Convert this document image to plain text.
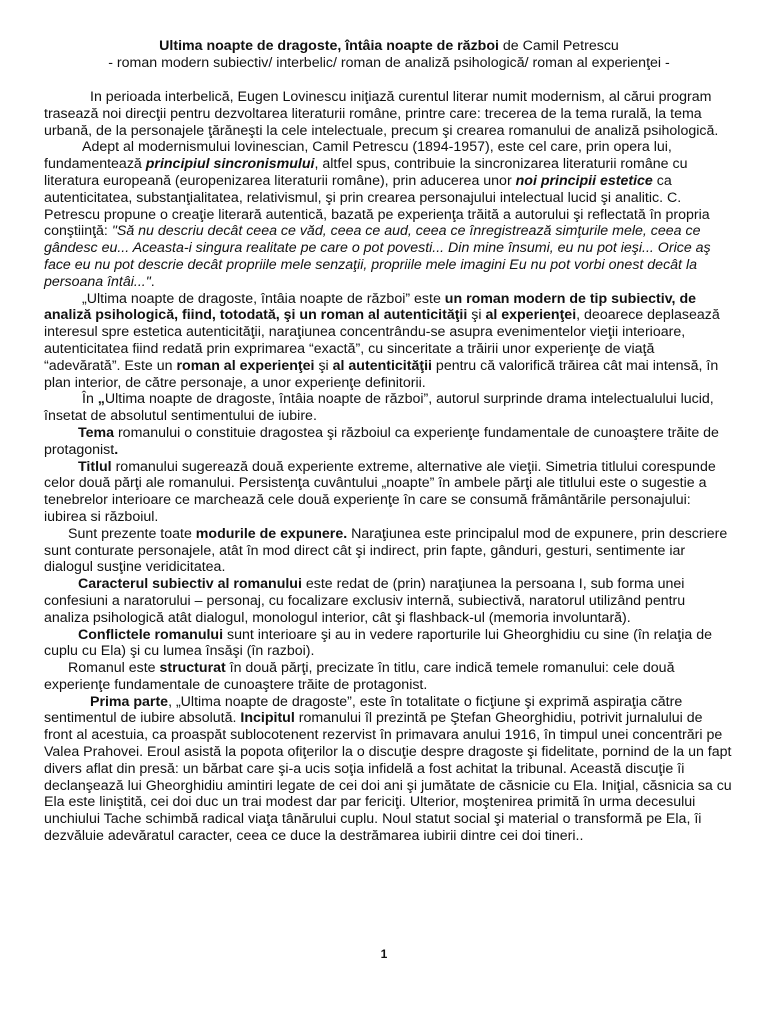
Ultima noapte de dragoste, întâia noapte de război de Camil Petrescu

- roman modern subiectiv/ interbelic/ roman de analiză psihologică/ roman al experienţei -

In perioada interbelică, Eugen Lovinescu iniţiază curentul literar numit modernism, al cărui program trasează noi direcţii pentru dezvoltarea literaturii române, printre care: trecerea de la tema rurală, la tema urbană, de la personajele ţărăneşti la cele intelectuale, precum şi crearea romanului de analiză psihologică.

Adept al modernismului lovinescian, Camil Petrescu (1894-1957), este cel care, prin opera lui, fundamentează principiul sincronismului, altfel spus, contribuie la sincronizarea literaturii române cu literatura europeană (europenizarea literaturii române), prin aducerea unor noi principii estetice ca autenticitatea, substanţialitatea, relativismul, şi prin crearea personajului intelectual lucid şi analitic. C. Petrescu propune o creaţie literară autentică, bazată pe experienţa trăită a autorului şi reflectată în propria conştiinţă: "Să nu descriu decât ceea ce văd, ceea ce aud, ceea ce înregistrează simţurile mele, ceea ce gândesc eu... Aceasta-i singura realitate pe care o pot povesti... Din mine însumi, eu nu pot ieşi... Orice aş face eu nu pot descrie decât propriile mele senzaţii, propriile mele imagini Eu nu pot vorbi onest decât la persoana întâi...".

„Ultima noapte de dragoste, întâia noapte de război” este un roman modern de tip subiectiv, de analiză psihologică, fiind, totodată, şi un roman al autenticităţii şi al experienţei, deoarece deplasează interesul spre estetica autenticităţii, naraţiunea concentrându-se asupra evenimentelor vieţii interioare, autenticitatea fiind redată prin exprimarea “exactă”, cu sinceritate a trăirii unor experienţe de viaţă “adevărată”. Este un roman al experienţei şi al autenticităţii pentru că valorifică trăirea cât mai intensă, în plan interior, de către personaje, a unor experienţe definitorii.

În „Ultima noapte de dragoste, întâia noapte de război”, autorul surprinde drama intelectualului lucid, însetat de absolutul sentimentului de iubire.

Tema romanului o constituie dragostea şi războiul ca experienţe fundamentale de cunoaştere trăite de protagonist.

Titlul romanului sugerează două experiente extreme, alternative ale vieţii. Simetria titlului corespunde celor două părţi ale romanului. Persistenţa cuvântului „noapte” în ambele părţi ale titlului este o sugestie a tenebrelor interioare ce marchează cele două experienţe în care se consumă frământările personajului: iubirea si războiul.

Sunt prezente toate modurile de expunere. Naraţiunea este principalul mod de expunere, prin descriere sunt conturate personajele, atât în mod direct cât şi indirect, prin fapte, gânduri, gesturi, sentimente iar dialogul susţine veridicitatea.

Caracterul subiectiv al romanului este redat de (prin) naraţiunea la persoana I, sub forma unei confesiuni a naratorului – personaj, cu focalizare exclusiv internă, subiectivă, naratorul utilizând pentru analiza psihologică atât dialogul, monologul interior, cât şi flashback-ul (memoria involuntară).

Conflictele romanului sunt interioare şi au in vedere raporturile lui Gheorghidiu cu sine (în relaţia de cuplu cu Ela) şi cu lumea însăşi (în razboi).

Romanul este structurat în două părţi, precizate în titlu, care indică temele romanului: cele două experienţe fundamentale de cunoaştere trăite de protagonist.

Prima parte, „Ultima noapte de dragoste”, este în totalitate o ficţiune şi exprimă aspiraţia către sentimentul de iubire absolută. Incipitul romanului îl prezintă pe Ştefan Gheorghidiu, potrivit jurnalului de front al acestuia, ca proaspăt sublocotenent rezervist în primavara anului 1916, în timpul unei concentrări pe Valea Prahovei. Eroul asistă la popota ofiţerilor la o discuţie despre dragoste şi fidelitate, pornind de la un fapt divers aflat din presă: un bărbat care şi-a ucis soţia infidelă a fost achitat la tribunal. Această discuţie îi declanşează lui Gheorghidiu amintiri legate de cei doi ani şi jumătate de căsnicie cu Ela. Iniţial, căsnicia sa cu Ela este liniştită, cei doi duc un trai modest dar par fericiţi. Ulterior, moştenirea primită în urma decesului unchiului Tache schimbă radical viaţa tânărului cuplu. Noul statut social şi material o transformă pe Ela, îi dezvăluie adevăratul caracter, ceea ce duce la destrămarea iubirii dintre cei doi tineri..

1
